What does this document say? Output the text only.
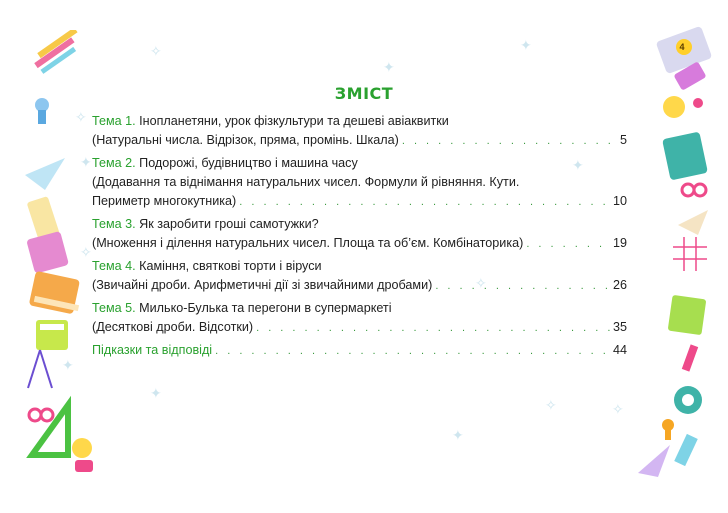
4
✦
✧
✦
✧
✦
✦
✧
✧
✦
✦
✧
✦
✧
ЗМІСТ
Тема 1. Інопланетяни, урок фізкультури та дешеві авіаквитки
(Натуральні числа. Відрізок, пряма, промінь. Шкала) . . .	5
Тема 2. Подорожі, будівництво і машина часу
(Додавання та віднімання натуральних чисел. Формули й рівняння. Кути.
Периметр многокутника) . . .	10
Тема 3. Як заробити гроші самотужки?
(Множення і ділення натуральних чисел. Площа та об’єм. Комбінаторика) . . .	19
Тема 4. Каміння, святкові торти і віруси
(Звичайні дроби. Арифметичні дії зі звичайними дробами) . . .	26
Тема 5. Милько-Булька та перегони в супермаркеті
(Десяткові дроби. Відсотки) . . .	35
Підказки та відповіді . . .	44
